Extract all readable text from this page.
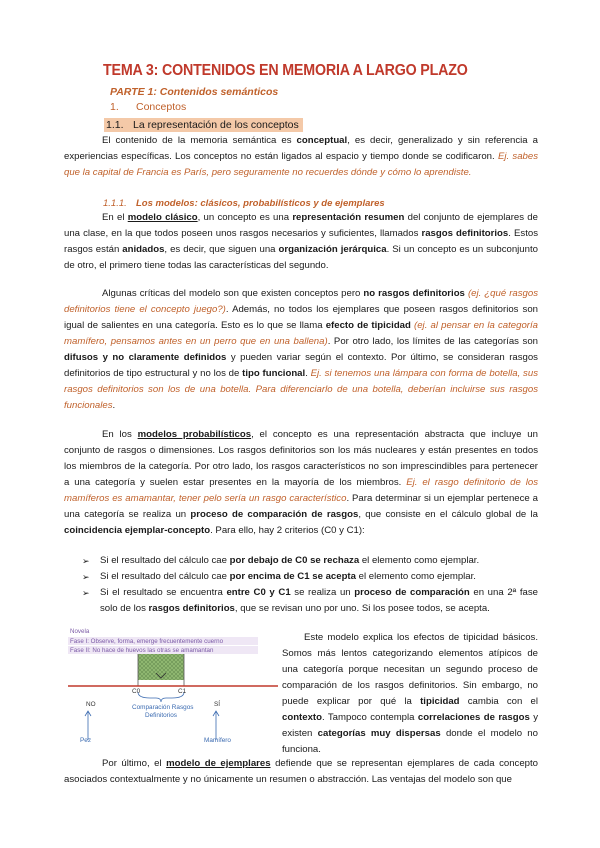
TEMA 3: CONTENIDOS EN MEMORIA A LARGO PLAZO
PARTE 1: Contenidos semánticos
1. Conceptos
1.1. La representación de los conceptos
El contenido de la memoria semántica es conceptual, es decir, generalizado y sin referencia a experiencias específicas. Los conceptos no están ligados al espacio y tiempo donde se codificaron. Ej. sabes que la capital de Francia es París, pero seguramente no recuerdes dónde y cómo lo aprendiste.
1.1.1. Los modelos: clásicos, probabilísticos y de ejemplares
En el modelo clásico, un concepto es una representación resumen del conjunto de ejemplares de una clase, en la que todos poseen unos rasgos necesarios y suficientes, llamados rasgos definitorios. Estos rasgos están anidados, es decir, que siguen una organización jerárquica. Si un concepto es un subconjunto de otro, el primero tiene todas las características del segundo.
Algunas críticas del modelo son que existen conceptos pero no rasgos definitorios (ej. ¿qué rasgos definitorios tiene el concepto juego?). Además, no todos los ejemplares que poseen rasgos definitorios son igual de salientes en una categoría. Esto es lo que se llama efecto de tipicidad (ej. al pensar en la categoría mamífero, pensamos antes en un perro que en una ballena). Por otro lado, los límites de las categorías son difusos y no claramente definidos y pueden variar según el contexto. Por último, se consideran rasgos definitorios de tipo estructural y no los de tipo funcional. Ej. si tenemos una lámpara con forma de botella, sus rasgos definitorios son los de una botella. Para diferenciarlo de una botella, deberían incluirse sus rasgos funcionales.
En los modelos probabilísticos, el concepto es una representación abstracta que incluye un conjunto de rasgos o dimensiones. Los rasgos definitorios son los más nucleares y están presentes en todos los miembros de la categoría. Por otro lado, los rasgos característicos no son imprescindibles para pertenecer a una categoría y suelen estar presentes en la mayoría de los miembros. Ej. el rasgo definitorio de los mamíferos es amamantar, tener pelo sería un rasgo característico. Para determinar si un ejemplar pertenece a una categoría se realiza un proceso de comparación de rasgos, que consiste en el cálculo global de la coincidencia ejemplar-concepto. Para ello, hay 2 criterios (C0 y C1):
➢ Si el resultado del cálculo cae por debajo de C0 se rechaza el elemento como ejemplar.
➢ Si el resultado del cálculo cae por encima de C1 se acepta el elemento como ejemplar.
➢ Si el resultado se encuentra entre C0 y C1 se realiza un proceso de comparación en una 2ª fase solo de los rasgos definitorios, que se revisan uno por uno. Si los posee todos, se acepta.
Novela
Fase I: Observe, forma, emerge frecuentemente cuerno
Fase II: No hace de huevos las otras se amamantan
C0	C1
NO	SÍ
Comparación Rasgos
Definitorios
Pez	Mamífero
Este modelo explica los efectos de tipicidad básicos. Somos más lentos categorizando elementos atípicos de una categoría porque necesitan un segundo proceso de comparación de los rasgos definitorios. Sin embargo, no puede explicar por qué la tipicidad cambia con el contexto. Tampoco contempla correlaciones de rasgos y existen categorías muy dispersas donde el modelo no funciona.
Por último, el modelo de ejemplares defiende que se representan ejemplares de cada concepto asociados contextualmente y no únicamente un resumen o abstracción. Las ventajas del modelo son que
